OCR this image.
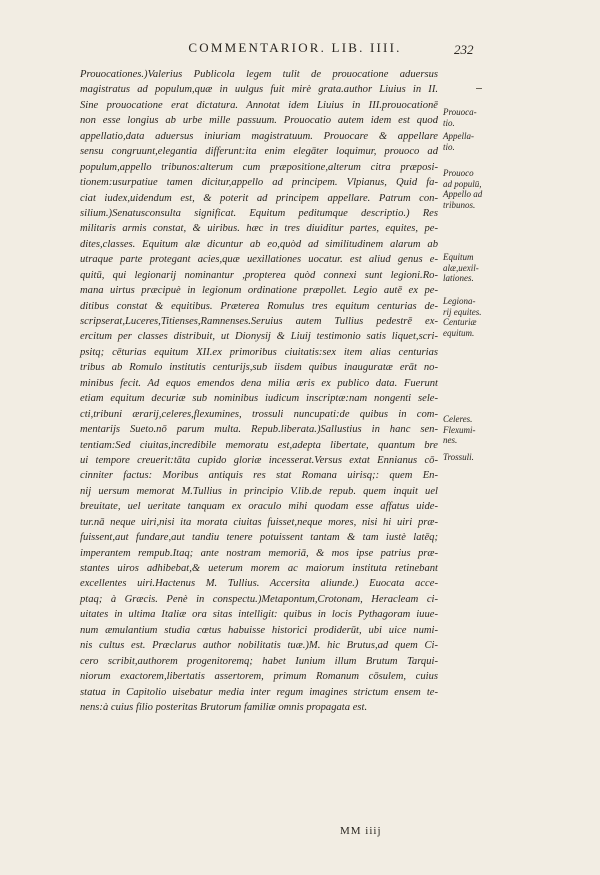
COMMENTARIOR. LIB. IIII.	232
Prouocationes.)Valerius Publicola legem tulit de prouocatione aduersus
magistratus ad populum,quæ in uulgus fuit mirè grata.author Liuius in II.
Sine prouocatione erat dictatura. Annotat idem Liuius in III.prouocationē
non esse longius ab urbe mille passuum. Prouocatio autem idem est quod
appellatio,data aduersus iniuriam magistratuum. Prouocare & appellare
sensu congruunt,elegantia differunt:ita enim elegāter loquimur, prouoco ad
populum,appello tribunos:alterum cum præpositione,alterum citra præposi-
tionem:usurpatiue tamen dicitur,appello ad principem. Vlpianus, Quid fa-
ciat iudex,uidendum est, & poterit ad principem appellare. Patrum con-
silium.)Senatusconsulta significat. Equitum peditumque descriptio.) Res
militaris armis constat, & uiribus. hæc in tres diuiditur partes, equites, pe-
dites,classes. Equitum alæ dicuntur ab eo,quòd ad similitudinem alarum ab
utraque parte protegant acies,quæ uexillationes uocatur. est aliud genus e-
quitū, qui legionarij nominantur ,propterea quòd connexi sunt legioni.Ro-
mana uirtus præcipuè in legionum ordinatione præpollet. Legio autē ex pe-
ditibus constat & equitibus. Præterea Romulus tres equitum centurias de-
scripserat,Luceres,Titienses,Ramnenses.Seruius autem Tullius pedestrē ex-
ercitum per classes distribuit, ut Dionysij & Liuij testimonio satis liquet,scri-
psitq; cēturias equitum XII.ex primoribus ciuitatis:sex item alias centurias
tribus ab Romulo institutis centurijs,sub iisdem quibus inauguratæ erāt no-
minibus fecit. Ad equos emendos dena milia æris ex publico data. Fuerunt
etiam equitum decuriæ sub nominibus iudicum inscriptæ:nam nongenti sele-
cti,tribuni ærarij,celeres,flexumines, trossuli nuncupati:de quibus in com-
mentarijs Sueto.nō parum multa. Repub.liberata.)Sallustius in hanc sen-
tentiam:Sed ciuitas,incredibile memoratu est,adepta libertate, quantum bre
ui tempore creuerit:tāta cupido gloriæ incesserat.Versus extat Ennianus cō-
cinniter factus: Moribus antiquis res stat Romana uirisq;: quem En-
nij uersum memorat M.Tullius in principio V.lib.de repub. quem inquit uel
breuitate, uel ueritate tanquam ex oraculo mihi quodam esse affatus uide-
tur.nā neque uiri,nisi ita morata ciuitas fuisset,neque mores, nisi hi uiri præ-
fuissent,aut fundare,aut tandiu tenere potuissent tantam & tam iustè latēq;
imperantem rempub.Itaq; ante nostram memoriā, & mos ipse patrius præ-
stantes uiros adhibebat,& ueterum morem ac maiorum instituta retinebant
excellentes uiri.Hactenus M. Tullius. Accersita aliunde.) Euocata acce-
ptaq; à Græcis. Penè in conspectu.)Metapontum,Crotonam, Heracleam ci-
uitates in ultima Italiæ ora sitas intelligit: quibus in locis Pythagoram iuue-
num æmulantium studia cœtus habuisse historici prodiderūt, ubi uice numi-
nis cultus est. Præclarus author nobilitatis tuæ.)M. hic Brutus,ad quem Ci-
cero scribit,authorem progenitoremq; habet Iunium illum Brutum Tarqui-
niorum exactorem,libertatis assertorem, primum Romanum cōsulem, cuius
statua in Capitolio uisebatur media inter regum imagines strictum ensem te-
nens:à cuius filio posteritas Brutorum familiæ omnis propagata est.
Prouoca-
tio.
Appella-
tio.
Prouoco
ad populū,
Appello ad
tribunos.
Equitum
alæ,uexil-
lationes.
Legiona-
rij equites.
Centuriæ
equitum.
Celeres.
Flexumi-
nes.
Trossuli.
MM iiij
